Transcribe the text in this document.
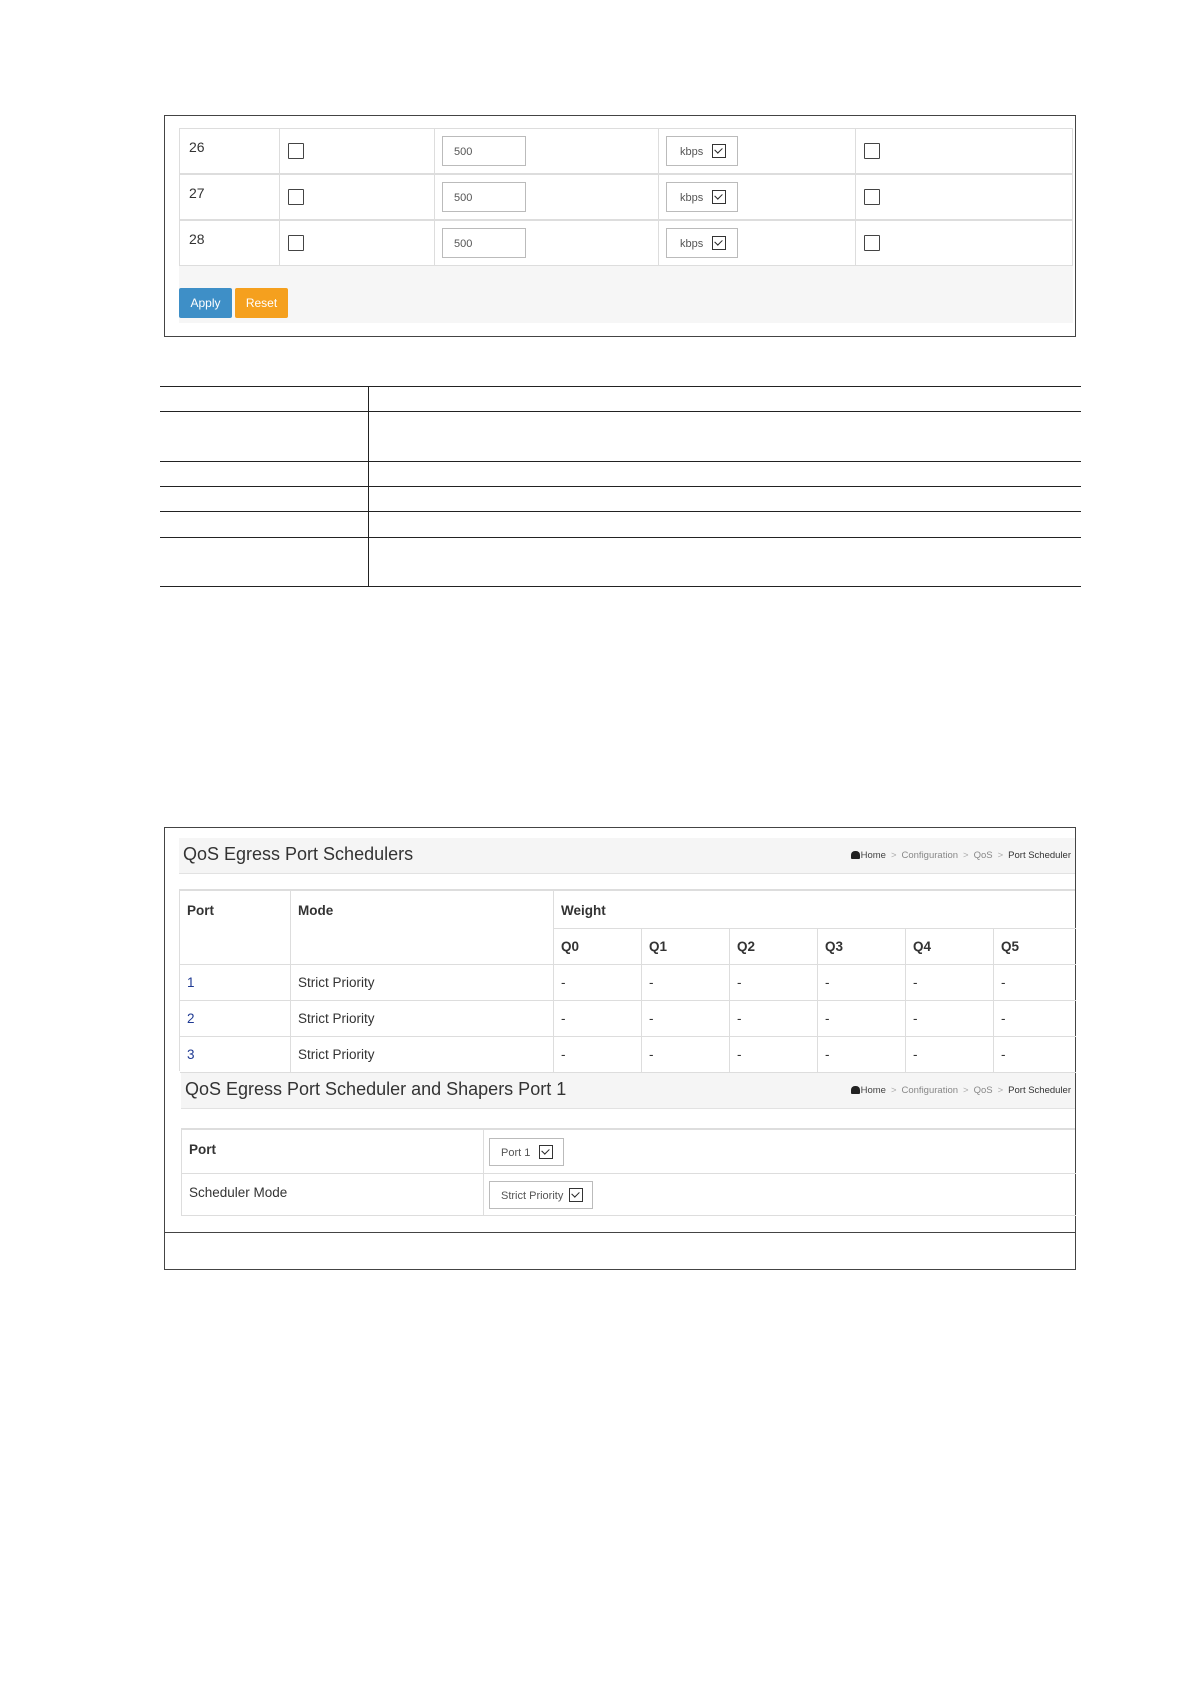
26	500	kbps
27	500	kbps
28	500	kbps
Apply	Reset
QoS Egress Port Schedulers	Home > Configuration > QoS > Port Scheduler
Port	Mode	Weight
Q0	Q1	Q2	Q3	Q4	Q5
1	Strict Priority	-	-	-	-	-	-
2	Strict Priority	-	-	-	-	-	-
3	Strict Priority	-	-	-	-	-	-
QoS Egress Port Scheduler and Shapers Port 1	Home > Configuration > QoS > Port Scheduler
Port	Port 1
Scheduler Mode	Strict Priority
